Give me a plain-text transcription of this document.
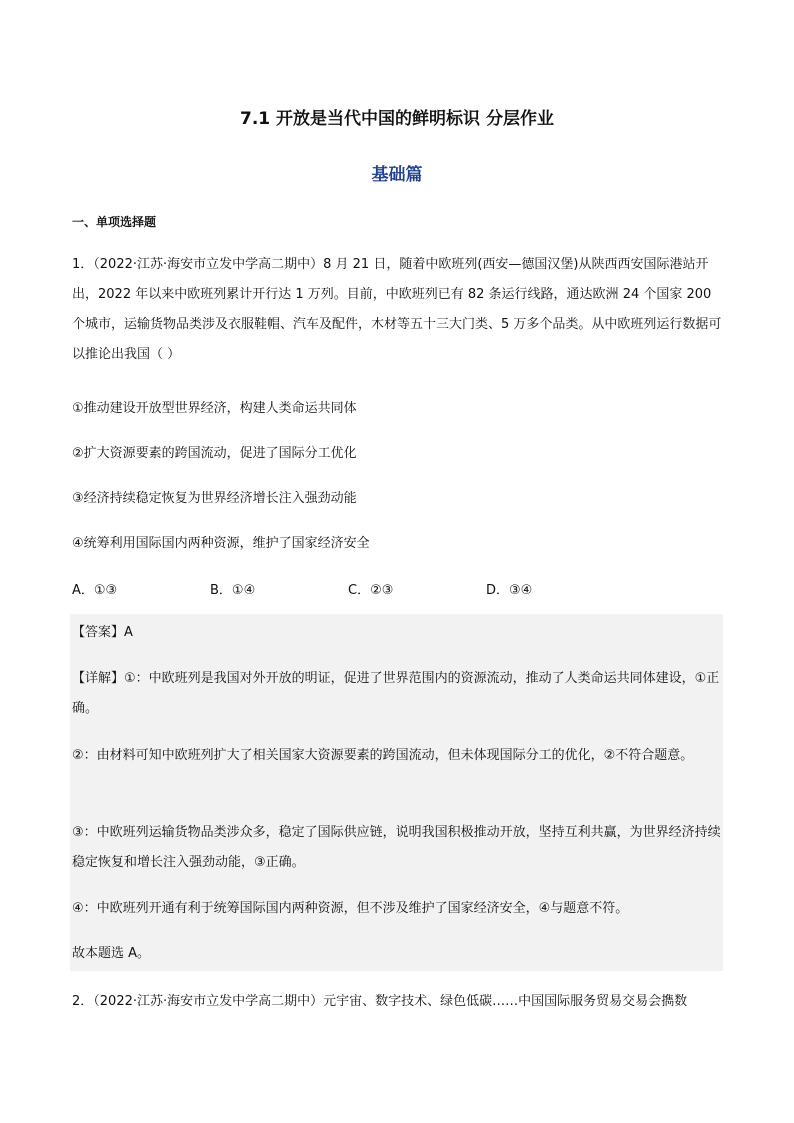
7.1 开放是当代中国的鲜明标识 分层作业
基础篇
一、单项选择题
1．（2022·江苏·海安市立发中学高二期中）8 月 21 日，随着中欧班列(西安—德国汉堡)从陕西西安国际港站开出，2022 年以来中欧班列累计开行达 1 万列。目前，中欧班列已有 82 条运行线路，通达欧洲 24 个国家 200 个城市，运输货物品类涉及衣服鞋帽、汽车及配件，木材等五十三大门类、5 万多个品类。从中欧班列运行数据可以推论出我国（ ）
①推动建设开放型世界经济，构建人类命运共同体
②扩大资源要素的跨国流动，促进了国际分工优化
③经济持续稳定恢复为世界经济增长注入强劲动能
④统筹利用国际国内两种资源，维护了国家经济安全
A．①③	B．①④	C．②③	D．③④
【答案】A
【详解】①：中欧班列是我国对外开放的明证，促进了世界范围内的资源流动，推动了人类命运共同体建设，①正确。
②：由材料可知中欧班列扩大了相关国家大资源要素的跨国流动，但未体现国际分工的优化，②不符合题意。
③：中欧班列运输货物品类涉众多，稳定了国际供应链，说明我国积极推动开放，坚持互利共赢，为世界经济持续稳定恢复和增长注入强劲动能，③正确。
④：中欧班列开通有利于统筹国际国内两种资源，但不涉及维护了国家经济安全，④与题意不符。
故本题选 A。
2．（2022·江苏·海安市立发中学高二期中）元宇宙、数字技术、绿色低碳……中国国际服务贸易交易会擕数
